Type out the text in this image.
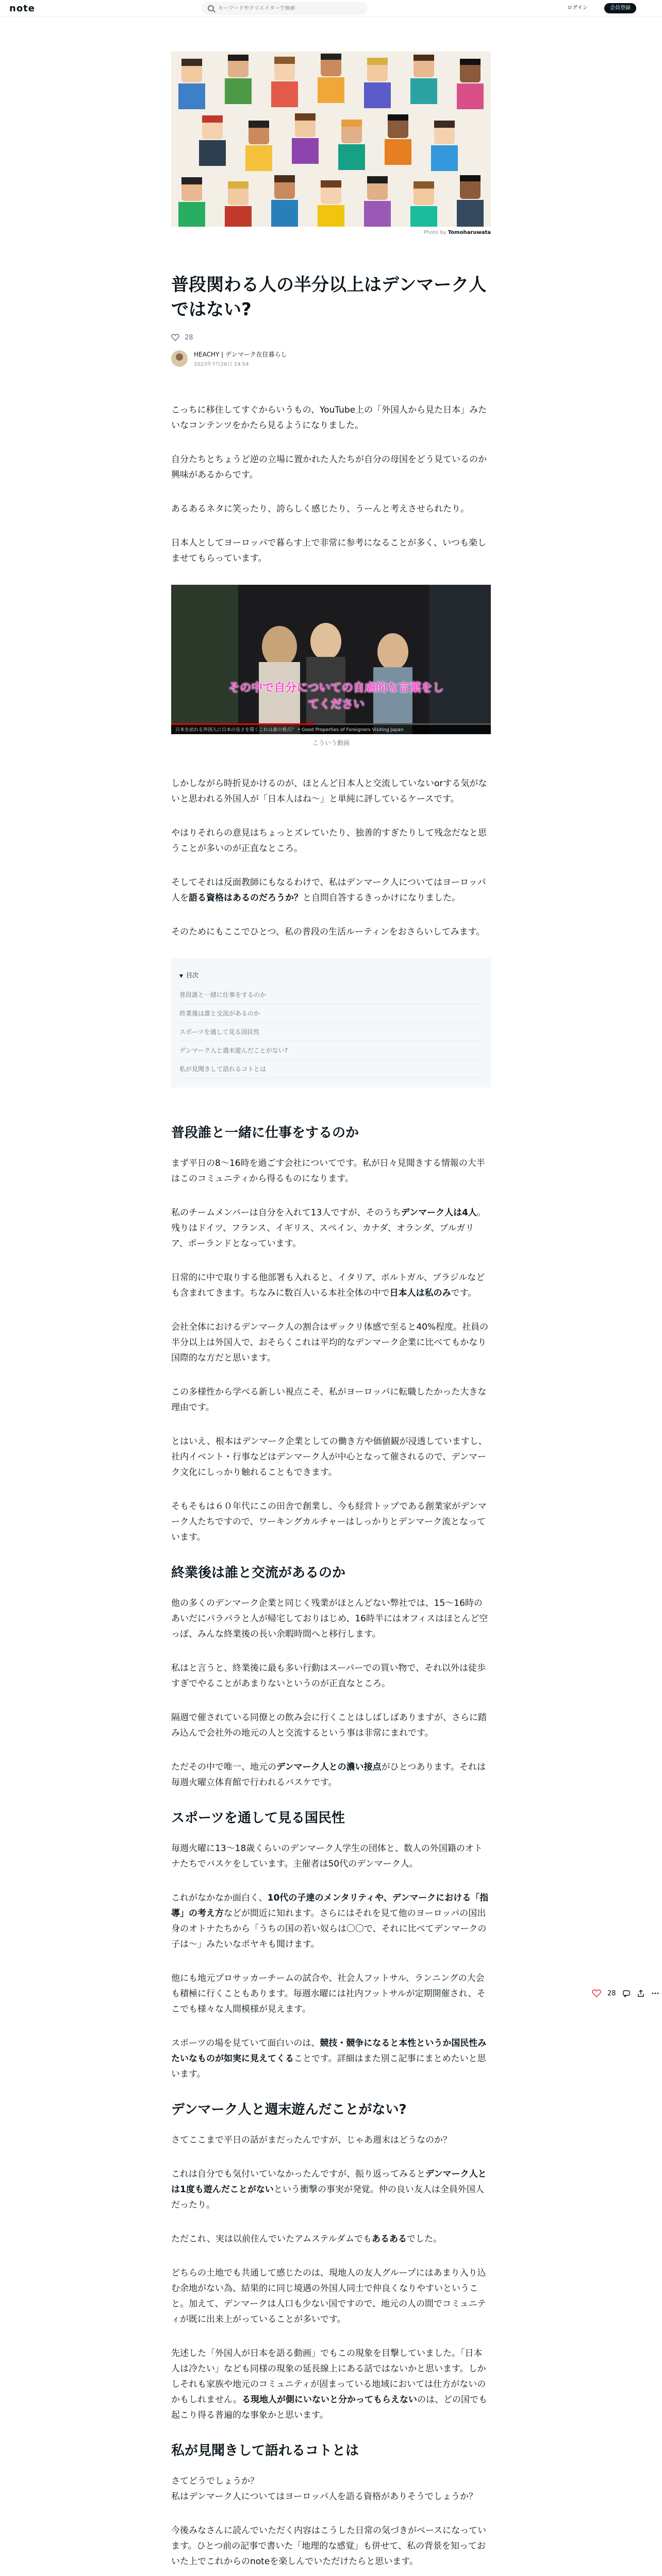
note
キーワードやクリエイターで検索	ログイン	会員登録
Photo by Tomoharuwata
普段関わる人の半分以上はデンマーク人ではない?
28
HEACHY | デンマーク在住暮らし
2023年7月26日 14:54

こっちに移住してすぐからいうもの、YouTube上の「外国人から見た日本」みたいなコンテンツをかたら見るようになりました。

自分たちとちょうど逆の立場に置かれた人たちが自分の母国をどう見ているのか興味があるからです。

あるあるネタに笑ったり、誇らしく感じたり、うーんと考えさせられたり。

日本人としてヨーロッパで暮らす上で非常に参考になることが多く、いつも楽しませてもらっています。

その中で自分についての自虐的な言葉をしてください
日本を訪れる外国人に日本の良さを聞くこれは誰の視点？ • Good Properties of Foreigners Visiting Japan
こういう動画

しかしながら時折見かけるのが、ほとんど日本人と交流していないorする気がないと思われる外国人が「日本人はね〜」と単純に評しているケースです。

やはりそれらの意見はちょっとズレていたり、独善的すぎたりして残念だなと思うことが多いのが正直なところ。

そしてそれは反面教師にもなるわけで、私はデンマーク人についてはヨーロッパ人を語る資格はあるのだろうか？と自問自答するきっかけになりました。

そのためにもここでひとつ、私の普段の生活ルーティンをおさらいしてみます。

▼ 目次
普段誰と一緒に仕事をするのか
終業後は誰と交流があるのか
スポーツを通して見る国民性
デンマーク人と週末遊んだことがない?
私が見聞きして語れるコトとは
普段誰と一緒に仕事をするのか

まず平日の8〜16時を過ごす会社についてです。私が日々見聞きする情報の大半はこのコミュニティから得るものになります。

私のチームメンバーは自分を入れて13人ですが、そのうちデンマーク人は4人。残りはドイツ、フランス、イギリス、スペイン、カナダ、オランダ、ブルガリア、ポーランドとなっています。

日常的に中で取りする他部署も入れると、イタリア、ポルトガル、ブラジルなども含まれてきます。ちなみに数百人いる本社全体の中で日本人は私のみです。

会社全体におけるデンマーク人の割合はザックリ体感で至ると40%程度。社員の半分以上は外国人で、おそらくこれは平均的なデンマーク企業に比べてもかなり国際的な方だと思います。

この多様性から学べる新しい視点こそ、私がヨーロッパに転職したかった大きな理由です。

とはいえ、根本はデンマーク企業としての働き方や価値観が浸透していますし、社内イベント・行事などはデンマーク人が中心となって催されるので、デンマーク文化にしっかり触れることもできます。

そもそもは６０年代にこの田舎で創業し、今も経営トップである創業家がデンマーク人たちですので、ワーキングカルチャーはしっかりとデンマーク流となっています。

終業後は誰と交流があるのか

他の多くのデンマーク企業と同じく残業がほとんどない弊社では、15〜16時のあいだにパラパラと人が帰宅しておりはじめ、16時半にはオフィスはほとんど空っぽ、みんな終業後の長い余暇時間へと移行します。

私はと言うと、終業後に最も多い行動はスーパーでの買い物で、それ以外は徒歩すぎでやることがあまりないというのが正直なところ。

隔週で催されている同僚との飲み会に行くことはしばしばありますが、さらに踏み込んで会社外の地元の人と交流するという事は非常にまれです。

ただその中で唯一、地元のデンマーク人との濃い接点がひとつあります。それは毎週火曜立体育館で行われるバスケです。

スポーツを通して見る国民性

毎週火曜に13〜18歳くらいのデンマーク人学生の団体と、数人の外国籍のオトナたちでバスケをしています。主催者は50代のデンマーク人。

これがなかなか面白く、10代の子達のメンタリティや、デンマークにおける「指導」の考え方などが間近に知れます。さらにはそれを見て他のヨーロッパの国出身のオトナたちから「うちの国の若い奴らは〇〇で、それに比べてデンマークの子は〜」みたいなポヤキも聞けます。

他にも地元プロサッカーチームの試合や、社会人フットサル、ランニングの大会も積極に行くこともあります。毎週水曜には社内フットサルが定期開催され、そこでも様々な人間模様が見えます。

スポーツの場を見ていて面白いのは、競技・競争になると本性というか国民性みたいなものが如実に見えてくることです。詳細はまた別こ記事にまとめたいと思います。

デンマーク人と週末遊んだことがない?

さてここまで平日の話がまだったんですが、じゃあ週末はどうなのか？

これは自分でも気付いていなかったんですが、振り返ってみるとデンマーク人とは1度も遊んだことがないという衝撃の事実が発覚。仲の良い友人は全員外国人だったり。

ただこれ、実は以前住んでいたアムステルダムでもあるあるでした。

どちらの土地でも共通して感じたのは、現地人の友人グループにはあまり入り込む余地がない為、結果的に同じ境遇の外国人同士で仲良くなりやすいということ。加えて、デンマークは人口も少ない国ですので、地元の人の間でコミュニティが既に出来上がっていることが多いです。

先述した「外国人が日本を語る動画」でもこの現象を目撃していました。「日本人は冷たい」なども同様の現象の延長線上にある話ではないかと思います。しかしそれも家族や地元のコミュニティが固まっている地域においては仕方がないのかもしれません。る現地人が側にいないと分かってもらえないのは、どの国でも起こり得る普遍的な事象かと思います。

私が見聞きして語れるコトとは

さてどうでしょうか？
私はデンマーク人についてはヨーロッパ人を語る資格がありそうでしょうか？

今後みなさんに読んでいただく内容はこうした日常の気づきがベースになっています。ひとつ前の記事で書いた「地理的な感覚」も併せて、私の背景を知っておいた上でこれからのnoteを楽しんでいただけたらと思います。

28
